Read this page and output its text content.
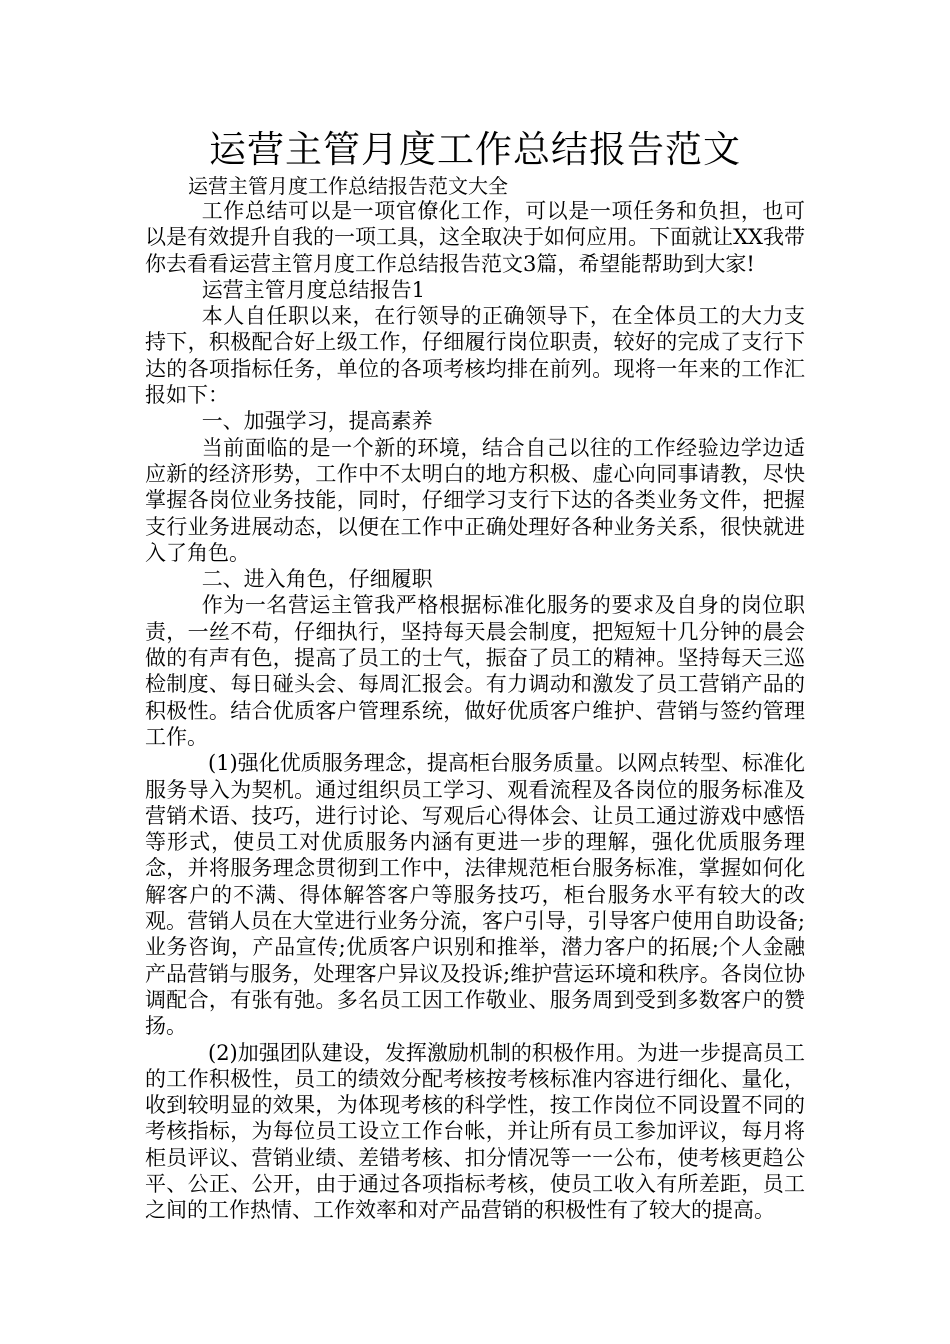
运营主管月度工作总结报告范文
运营主管月度工作总结报告范文大全

工作总结可以是一项官僚化工作，可以是一项任务和负担，也可以是有效提升自我的一项工具，这全取决于如何应用。下面就让XX我带你去看看运营主管月度工作总结报告范文3篇，希望能帮助到大家!

运营主管月度总结报告1

本人自任职以来，在行领导的正确领导下，在全体员工的大力支持下，积极配合好上级工作，仔细履行岗位职责，较好的完成了支行下达的各项指标任务，单位的各项考核均排在前列。现将一年来的工作汇报如下：

一、加强学习，提高素养

当前面临的是一个新的环境，结合自己以往的工作经验边学边适应新的经济形势，工作中不太明白的地方积极、虚心向同事请教，尽快掌握各岗位业务技能，同时，仔细学习支行下达的各类业务文件，把握支行业务进展动态，以便在工作中正确处理好各种业务关系，很快就进入了角色。

二、进入角色，仔细履职

作为一名营运主管我严格根据标准化服务的要求及自身的岗位职责，一丝不苟，仔细执行，坚持每天晨会制度，把短短十几分钟的晨会做的有声有色，提高了员工的士气，振奋了员工的精神。坚持每天三巡检制度、每日碰头会、每周汇报会。有力调动和激发了员工营销产品的积极性。结合优质客户管理系统，做好优质客户维护、营销与签约管理工作。

(1)强化优质服务理念，提高柜台服务质量。以网点转型、标准化服务导入为契机。通过组织员工学习、观看流程及各岗位的服务标准及营销术语、技巧，进行讨论、写观后心得体会、让员工通过游戏中感悟等形式，使员工对优质服务内涵有更进一步的理解，强化优质服务理念，并将服务理念贯彻到工作中，法律规范柜台服务标准，掌握如何化解客户的不满、得体解答客户等服务技巧，柜台服务水平有较大的改观。营销人员在大堂进行业务分流，客户引导，引导客户使用自助设备;业务咨询，产品宣传;优质客户识别和推举，潜力客户的拓展;个人金融产品营销与服务，处理客户异议及投诉;维护营运环境和秩序。各岗位协调配合，有张有弛。多名员工因工作敬业、服务周到受到多数客户的赞扬。

(2)加强团队建设，发挥激励机制的积极作用。为进一步提高员工的工作积极性，员工的绩效分配考核按考核标准内容进行细化、量化，收到较明显的效果，为体现考核的科学性，按工作岗位不同设置不同的考核指标，为每位员工设立工作台帐，并让所有员工参加评议，每月将柜员评议、营销业绩、差错考核、扣分情况等一一公布，使考核更趋公平、公正、公开，由于通过各项指标考核，使员工收入有所差距，员工之间的工作热情、工作效率和对产品营销的积极性有了较大的提高。
